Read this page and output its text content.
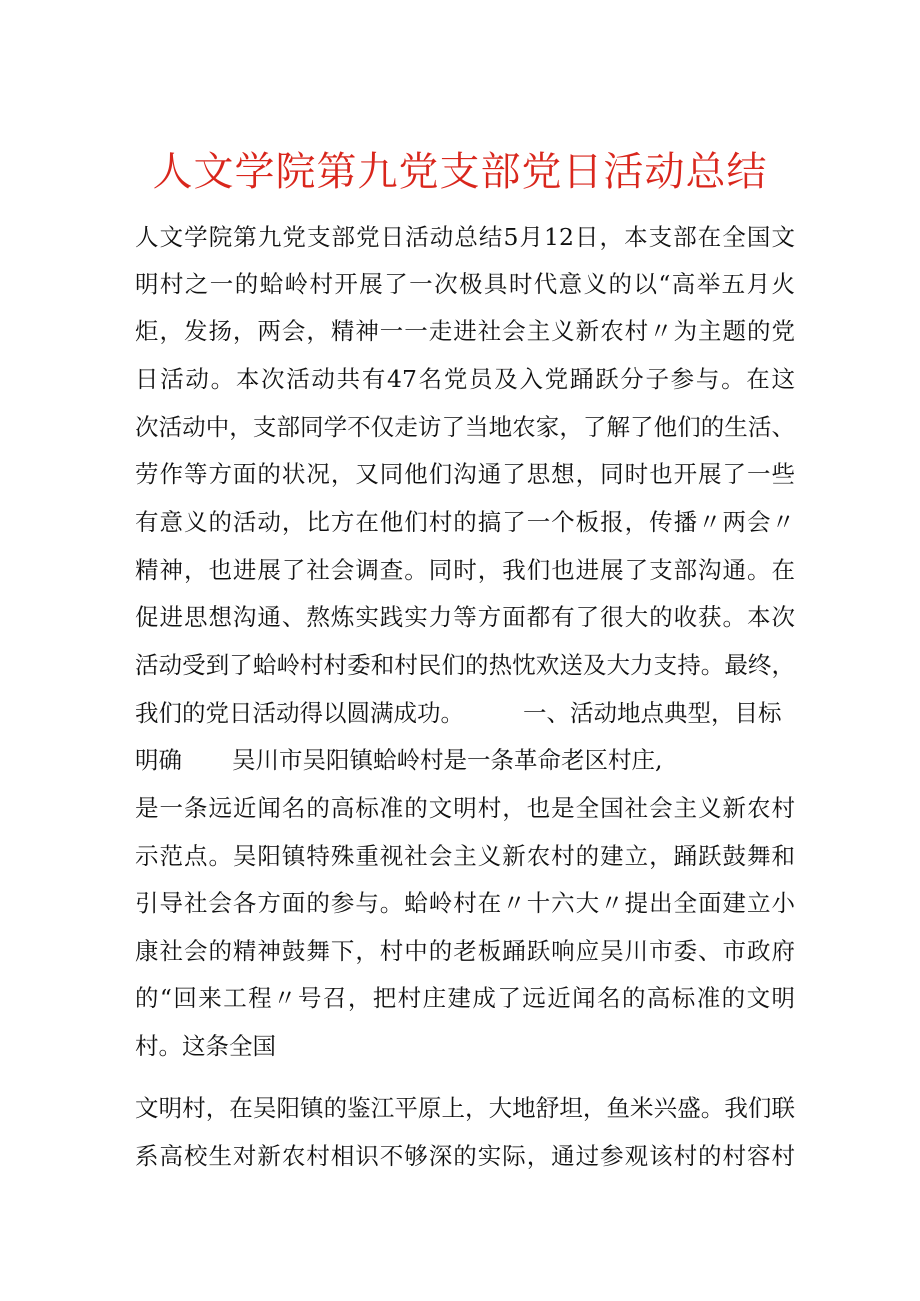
人文学院第九党支部党日活动总结
人文学院第九党支部党日活动总结5月12日，本支部在全国文
明村之一的蛤岭村开展了一次极具时代意义的以“高举五月火
炬，发扬，两会，精神一一走进社会主义新农村〃为主题的党
日活动。本次活动共有47名党员及入党踊跃分子参与。在这
次活动中，支部同学不仅走访了当地农家，了解了他们的生活、
劳作等方面的状况，又同他们沟通了思想，同时也开展了一些
有意义的活动，比方在他们村的搞了一个板报，传播〃两会〃
精神，也进展了社会调查。同时，我们也进展了支部沟通。在
促进思想沟通、熬炼实践实力等方面都有了很大的收获。本次
活动受到了蛤岭村村委和村民们的热忱欢送及大力支持。最终，
我们的党日活动得以圆满成功。	一、活动地点典型，目标
明确 吴川市吴阳镇蛤岭村是一条革命老区村庄,
是一条远近闻名的高标准的文明村，也是全国社会主义新农村
示范点。吴阳镇特殊重视社会主义新农村的建立，踊跃鼓舞和
引导社会各方面的参与。蛤岭村在〃十六大〃提出全面建立小
康社会的精神鼓舞下，村中的老板踊跃响应吴川市委、市政府
的“回来工程〃号召，把村庄建成了远近闻名的高标准的文明
村。这条全国
文明村，在吴阳镇的鉴江平原上，大地舒坦，鱼米兴盛。我们联
系高校生对新农村相识不够深的实际，通过参观该村的村容村
